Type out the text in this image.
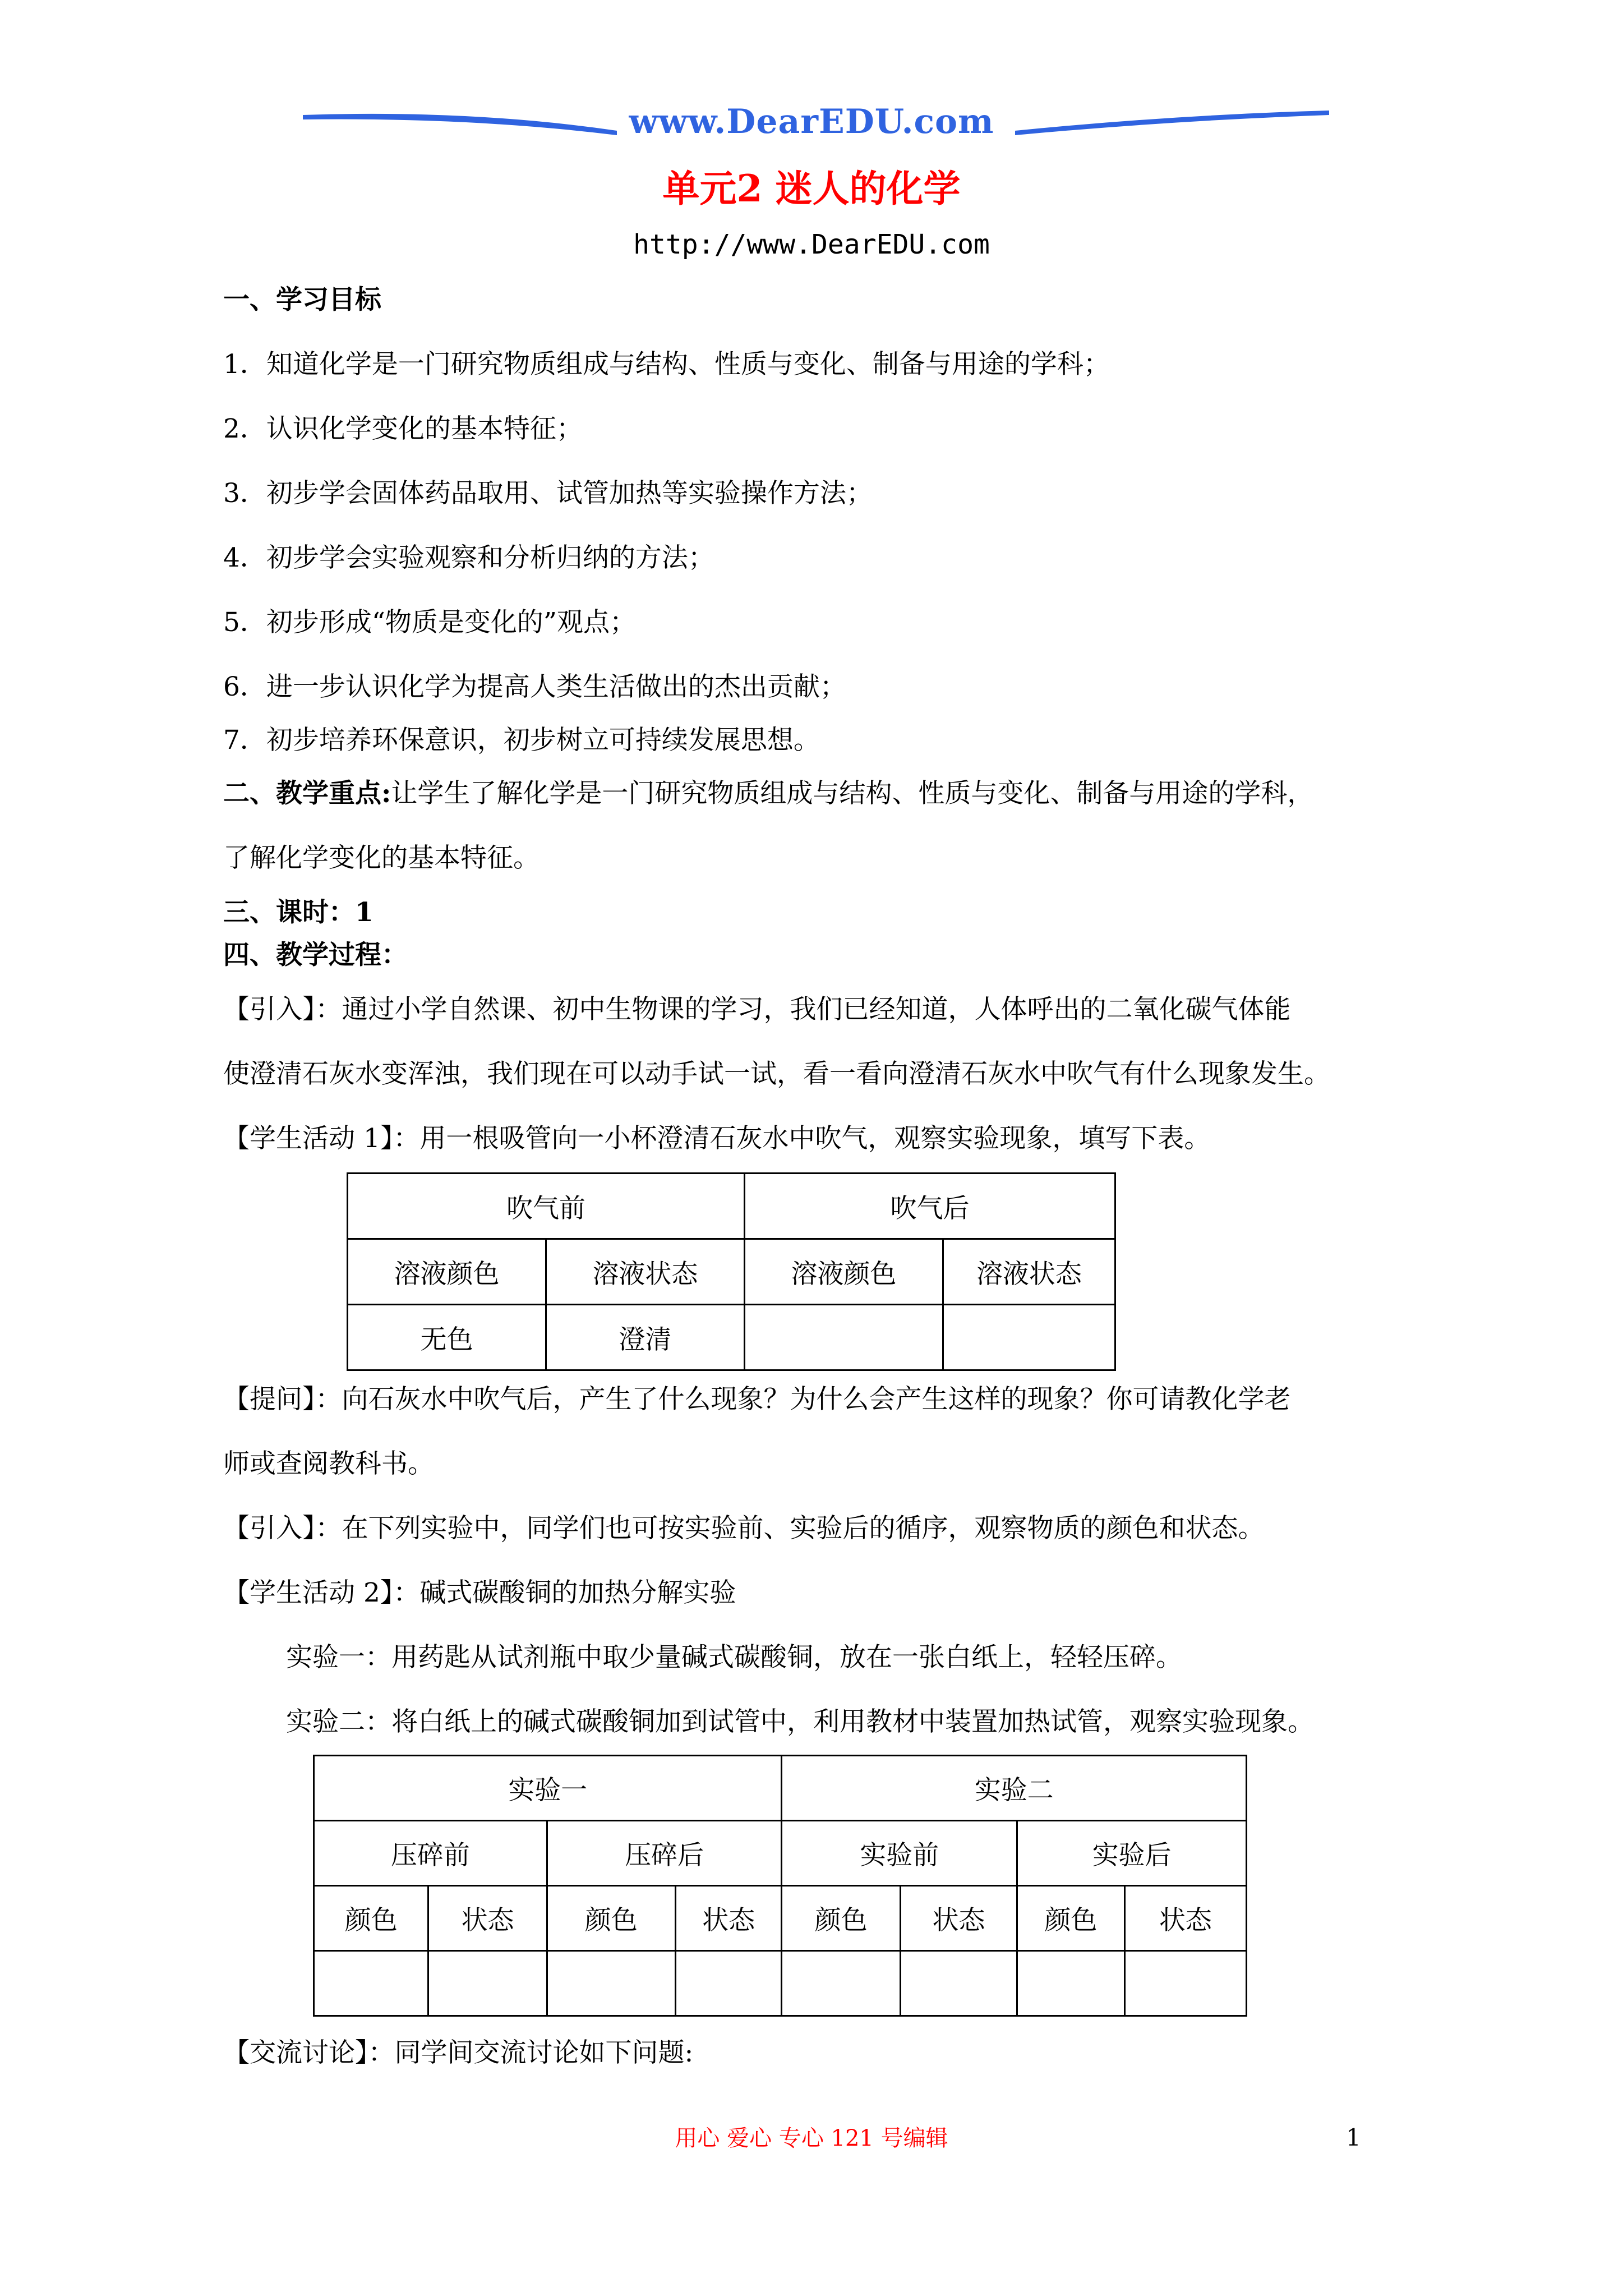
www.DearEDU.com
单元2 迷人的化学
http://www.DearEDU.com
一、学习目标
1．知道化学是一门研究物质组成与结构、性质与变化、制备与用途的学科；
2．认识化学变化的基本特征；
3．初步学会固体药品取用、试管加热等实验操作方法；
4．初步学会实验观察和分析归纳的方法；
5．初步形成“物质是变化的”观点；
6．进一步认识化学为提高人类生活做出的杰出贡献；
7．初步培养环保意识，初步树立可持续发展思想。
二、教学重点:让学生了解化学是一门研究物质组成与结构、性质与变化、制备与用途的学科，
了解化学变化的基本特征。
三、课时：1
四、教学过程：
【引入】：通过小学自然课、初中生物课的学习，我们已经知道，人体呼出的二氧化碳气体能
使澄清石灰水变浑浊，我们现在可以动手试一试，看一看向澄清石灰水中吹气有什么现象发生。
【学生活动 1】：用一根吸管向一小杯澄清石灰水中吹气，观察实验现象，填写下表。
吹气前		吹气后	
溶液颜色	溶液状态	溶液颜色	溶液状态
无色	澄清		
【提问】：向石灰水中吹气后，产生了什么现象？为什么会产生这样的现象？你可请教化学老
师或查阅教科书。
【引入】：在下列实验中，同学们也可按实验前、实验后的循序，观察物质的颜色和状态。
【学生活动 2】：碱式碳酸铜的加热分解实验
实验一：用药匙从试剂瓶中取少量碱式碳酸铜，放在一张白纸上，轻轻压碎。
实验二：将白纸上的碱式碳酸铜加到试管中，利用教材中装置加热试管，观察实验现象。
实验一				实验二			
压碎前		压碎后		实验前		实验后	
颜色	状态	颜色	状态	颜色	状态	颜色	状态

【交流讨论】：同学间交流讨论如下问题:
用心 爱心 专心 121 号编辑	1
